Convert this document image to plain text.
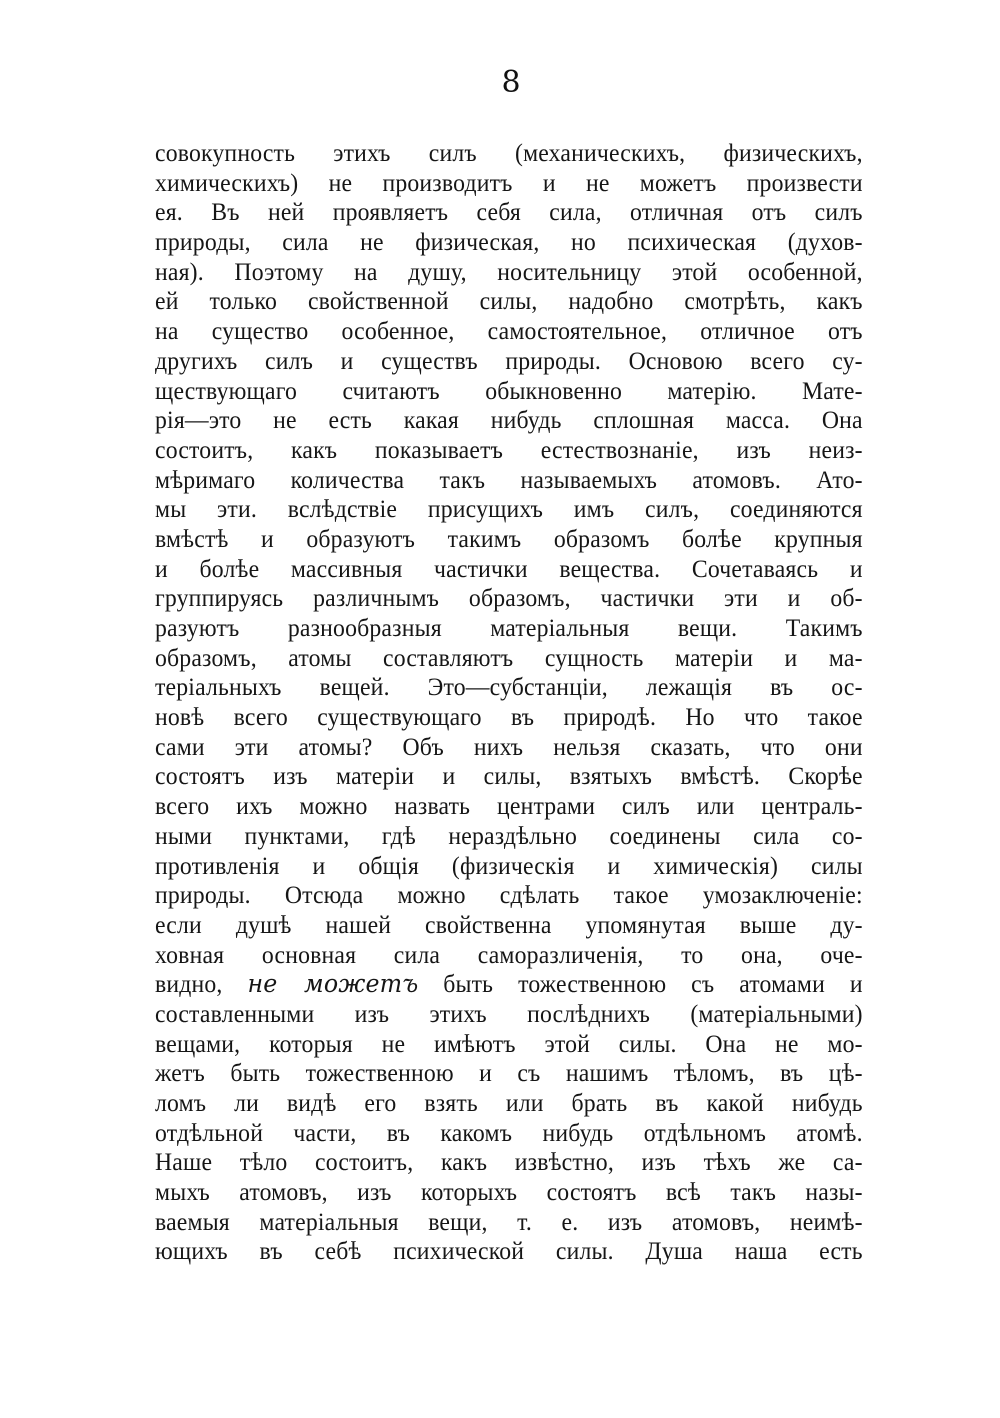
8
совокупность этихъ силъ (механическихъ, физическихъ,
химическихъ) не производитъ и не можетъ произвести
ея. Въ ней проявляетъ себя сила, отличная отъ силъ
природы, сила не физическая, но психическая (духов-
ная). Поэтому на душу, носительницу этой особенной,
ей только свойственной силы, надобно смотрѣть, какъ
на существо особенное, самостоятельное, отличное отъ
другихъ силъ и существъ природы. Основою всего су-
ществующаго считаютъ обыкновенно матерію. Мате-
рія—это не есть какая нибудь сплошная масса. Она
состоитъ, какъ показываетъ естествознаніе, изъ неиз-
мѣримаго количества такъ называемыхъ атомовъ. Ато-
мы эти. вслѣдствіе присущихъ имъ силъ, соединяются
вмѣстѣ и образуютъ такимъ образомъ болѣе крупныя
и болѣе массивныя частички вещества. Сочетаваясь и
группируясь различнымъ образомъ, частички эти и об-
разуютъ разнообразныя матеріальныя вещи. Такимъ
образомъ, атомы составляютъ сущность матеріи и ма-
теріальныхъ вещей. Это—субстанціи, лежащія въ ос-
новѣ всего существующаго въ природѣ. Но что такое
сами эти атомы? Объ нихъ нельзя сказать, что они
состоятъ изъ матеріи и силы, взятыхъ вмѣстѣ. Скорѣе
всего ихъ можно назвать центрами силъ или централь-
ными пунктами, гдѣ нераздѣльно соединены сила со-
противленія и общія (физическія и химическія) силы
природы. Отсюда можно сдѣлать такое умозаключеніе:
если душѣ нашей свойственна упомянутая выше ду-
ховная основная сила саморазличенія, то она, оче-
видно, не можетъ быть тожественною съ атомами и
составленными изъ этихъ послѣднихъ (матеріальными)
вещами, которыя не имѣютъ этой силы. Она не мо-
жетъ быть тожественною и съ нашимъ тѣломъ, въ цѣ-
ломъ ли видѣ его взять или брать въ какой нибудь
отдѣльной части, въ какомъ нибудь отдѣльномъ атомѣ.
Наше тѣло состоитъ, какъ извѣстно, изъ тѣхъ же са-
мыхъ атомовъ, изъ которыхъ состоятъ всѣ такъ назы-
ваемыя матеріальныя вещи, т. е. изъ атомовъ, неимѣ-
ющихъ въ себѣ психической силы. Душа наша есть
